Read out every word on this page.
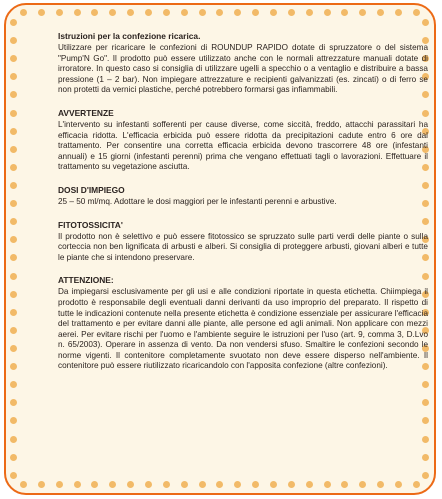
Istruzioni per la confezione ricarica.

Utilizzare per ricaricare le confezioni di ROUNDUP RAPIDO dotate di spruzzatore o del sistema "Pump'N Go". Il prodotto può essere utilizzato anche con le normali attrezzature manuali dotate di irroratore. In questo caso si consiglia di utilizzare ugelli a specchio o a ventaglio e distribuire a bassa pressione (1 – 2 bar). Non impiegare attrezzature e recipienti galvanizzati (es. zincati) o di ferro se non protetti da vernici plastiche, perché potrebbero formarsi gas infiammabili.

AVVERTENZE

L'intervento su infestanti sofferenti per cause diverse, come siccità, freddo, attacchi parassitari ha efficacia ridotta. L'efficacia erbicida può essere ridotta da precipitazioni cadute entro 6 ore dal trattamento. Per consentire una corretta efficacia erbicida devono trascorrere 48 ore (infestanti annuali) e 15 giorni (infestanti perenni) prima che vengano effettuati tagli o lavorazioni. Effettuare il trattamento su vegetazione asciutta.

DOSI D'IMPIEGO

25 – 50 ml/mq. Adottare le dosi maggiori per le infestanti perenni e arbustive.

FITOTOSSICITA'

Il prodotto non è selettivo e può essere fitotossico se spruzzato sulle parti verdi delle piante o sulla corteccia non ben lignificata di arbusti e alberi. Si consiglia di proteggere arbusti, giovani alberi e tutte le piante che si intendono preservare.

ATTENZIONE:

Da impiegarsi esclusivamente per gli usi e alle condizioni riportate in questa etichetta. Chiimpiega il prodotto è responsabile degli eventuali danni derivanti da uso improprio del preparato. Il rispetto di tutte le indicazioni contenute nella presente etichetta è condizione essenziale per assicurare l'efficacia del trattamento e per evitare danni alle piante, alle persone ed agli animali. Non applicare con mezzi aerei. Per evitare rischi per l'uomo e l'ambiente seguire le istruzioni per l'uso (art. 9, comma 3, D.Lvo n. 65/2003). Operare in assenza di vento. Da non vendersi sfuso. Smaltire le confezioni secondo le norme vigenti. Il contenitore completamente svuotato non deve essere disperso nell'ambiente. Il contenitore può essere riutilizzato ricaricandolo con l'apposita confezione (altre confezioni).
